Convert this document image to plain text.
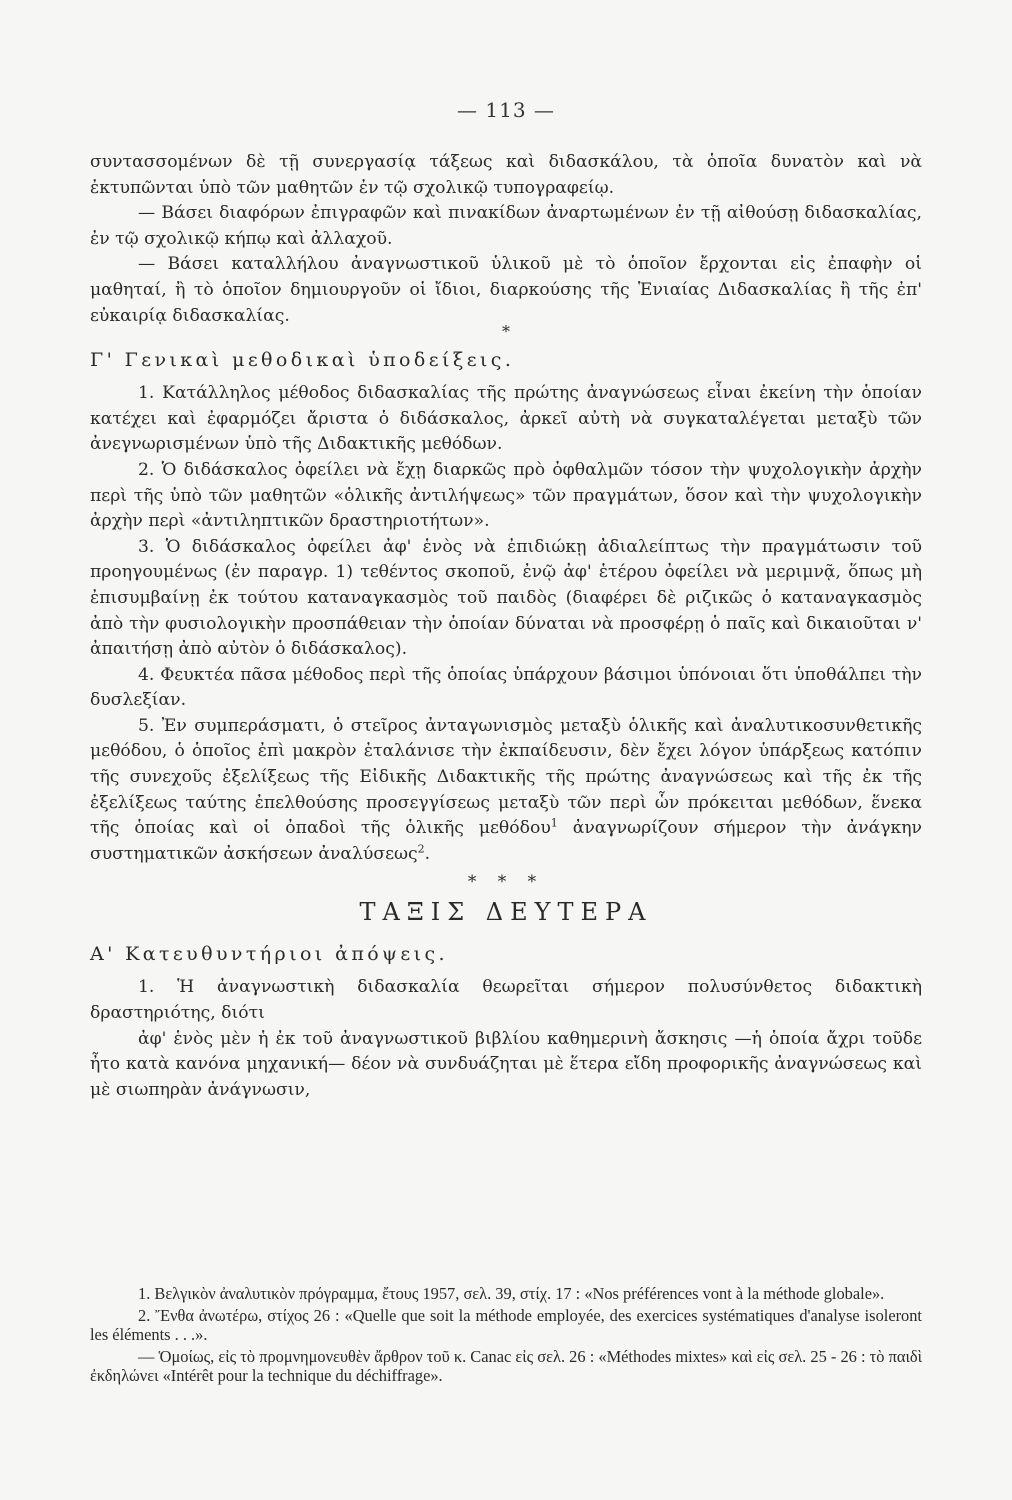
— 113 —

συντασσομένων δὲ τῇ συνεργασίᾳ τάξεως καὶ διδασκάλου, τὰ ὁποῖα δυνατὸν καὶ νὰ ἐκτυπῶνται ὑπὸ τῶν μαθητῶν ἐν τῷ σχολικῷ τυπογραφείῳ.

— Βάσει διαφόρων ἐπιγραφῶν καὶ πινακίδων ἀναρτωμένων ἐν τῇ αἰθούσῃ διδασκαλίας, ἐν τῷ σχολικῷ κήπῳ καὶ ἀλλαχοῦ.

— Βάσει καταλλήλου ἀναγνωστικοῦ ὑλικοῦ μὲ τὸ ὁποῖον ἔρχονται εἰς ἐπαφὴν οἱ μαθηταί, ἢ τὸ ὁποῖον δημιουργοῦν οἱ ἴδιοι, διαρκούσης τῆς Ἑνιαίας Διδασκαλίας ἢ τῆς ἐπ' εὐκαιρίᾳ διδασκαλίας.

*
Γ' Γενικαὶ μεθοδικαὶ ὑποδείξεις.

1. Κατάλληλος μέθοδος διδασκαλίας τῆς πρώτης ἀναγνώσεως εἶναι ἐκείνη τὴν ὁποίαν κατέχει καὶ ἐφαρμόζει ἄριστα ὁ διδάσκαλος, ἀρκεῖ αὐτὴ νὰ συγκαταλέγεται μεταξὺ τῶν ἀνεγνωρισμένων ὑπὸ τῆς Διδακτικῆς μεθόδων.

2. Ὁ διδάσκαλος ὀφείλει νὰ ἔχῃ διαρκῶς πρὸ ὀφθαλμῶν τόσον τὴν ψυχολογικὴν ἀρχὴν περὶ τῆς ὑπὸ τῶν μαθητῶν «ὁλικῆς ἀντιλήψεως» τῶν πραγμάτων, ὅσον καὶ τὴν ψυχολογικὴν ἀρχὴν περὶ «ἀντιληπτικῶν δραστηριοτήτων».

3. Ὁ διδάσκαλος ὀφείλει ἀφ' ἑνὸς νὰ ἐπιδιώκῃ ἀδιαλείπτως τὴν πραγμάτωσιν τοῦ προηγουμένως (ἐν παραγρ. 1) τεθέντος σκοποῦ, ἐνῷ ἀφ' ἑτέρου ὀφείλει νὰ μεριμνᾷ, ὅπως μὴ ἐπισυμβαίνῃ ἐκ τούτου καταναγκασμὸς τοῦ παιδὸς (διαφέρει δὲ ριζικῶς ὁ καταναγκασμὸς ἀπὸ τὴν φυσιολογικὴν προσπάθειαν τὴν ὁποίαν δύναται νὰ προσφέρῃ ὁ παῖς καὶ δικαιοῦται ν' ἀπαιτήσῃ ἀπὸ αὐτὸν ὁ διδάσκαλος).

4. Φευκτέα πᾶσα μέθοδος περὶ τῆς ὁποίας ὑπάρχουν βάσιμοι ὑπόνοιαι ὅτι ὑποθάλπει τὴν δυσλεξίαν.

5. Ἐν συμπεράσματι, ὁ στεῖρος ἀνταγωνισμὸς μεταξὺ ὁλικῆς καὶ ἀναλυτικοσυνθετικῆς μεθόδου, ὁ ὁποῖος ἐπὶ μακρὸν ἐταλάνισε τὴν ἐκπαίδευσιν, δὲν ἔχει λόγον ὑπάρξεως κατόπιν τῆς συνεχοῦς ἐξελίξεως τῆς Εἰδικῆς Διδακτικῆς τῆς πρώτης ἀναγνώσεως καὶ τῆς ἐκ τῆς ἐξελίξεως ταύτης ἐπελθούσης προσεγγίσεως μεταξὺ τῶν περὶ ὧν πρόκειται μεθόδων, ἕνεκα τῆς ὁποίας καὶ οἱ ὀπαδοὶ τῆς ὁλικῆς μεθόδου$^1$ ἀναγνωρίζουν σήμερον τὴν ἀνάγκην συστηματικῶν ἀσκήσεων ἀναλύσεως$^2$.

* * *
ΤΑΞΙΣ ΔΕΥΤΕΡΑ
Α' Κατευθυντήριοι ἀπόψεις.

1. Ἡ ἀναγνωστικὴ διδασκαλία θεωρεῖται σήμερον πολυσύνθετος διδακτικὴ δραστηριότης, διότι

ἀφ' ἑνὸς μὲν ἡ ἐκ τοῦ ἀναγνωστικοῦ βιβλίου καθημερινὴ ἄσκησις —ἡ ὁποία ἄχρι τοῦδε ἦτο κατὰ κανόνα μηχανική— δέον νὰ συνδυάζηται μὲ ἕτερα εἴδη προφορικῆς ἀναγνώσεως καὶ μὲ σιωπηρὰν ἀνάγνωσιν,

1. Βελγικὸν ἀναλυτικὸν πρόγραμμα, ἔτους 1957, σελ. 39, στίχ. 17 : «Nos préférences vont à la méthode globale».

2. Ἔνθα ἀνωτέρω, στίχος 26 : «Quelle que soit la méthode employée, des exercices systématiques d'analyse isoleront les éléments . . .».

— Ὁμοίως, εἰς τὸ προμνημονευθὲν ἄρθρον τοῦ κ. Canac εἰς σελ. 26 : «Méthodes mixtes» καὶ εἰς σελ. 25 - 26 : τὸ παιδὶ ἐκδηλώνει «Intérêt pour la technique du déchiffrage».
